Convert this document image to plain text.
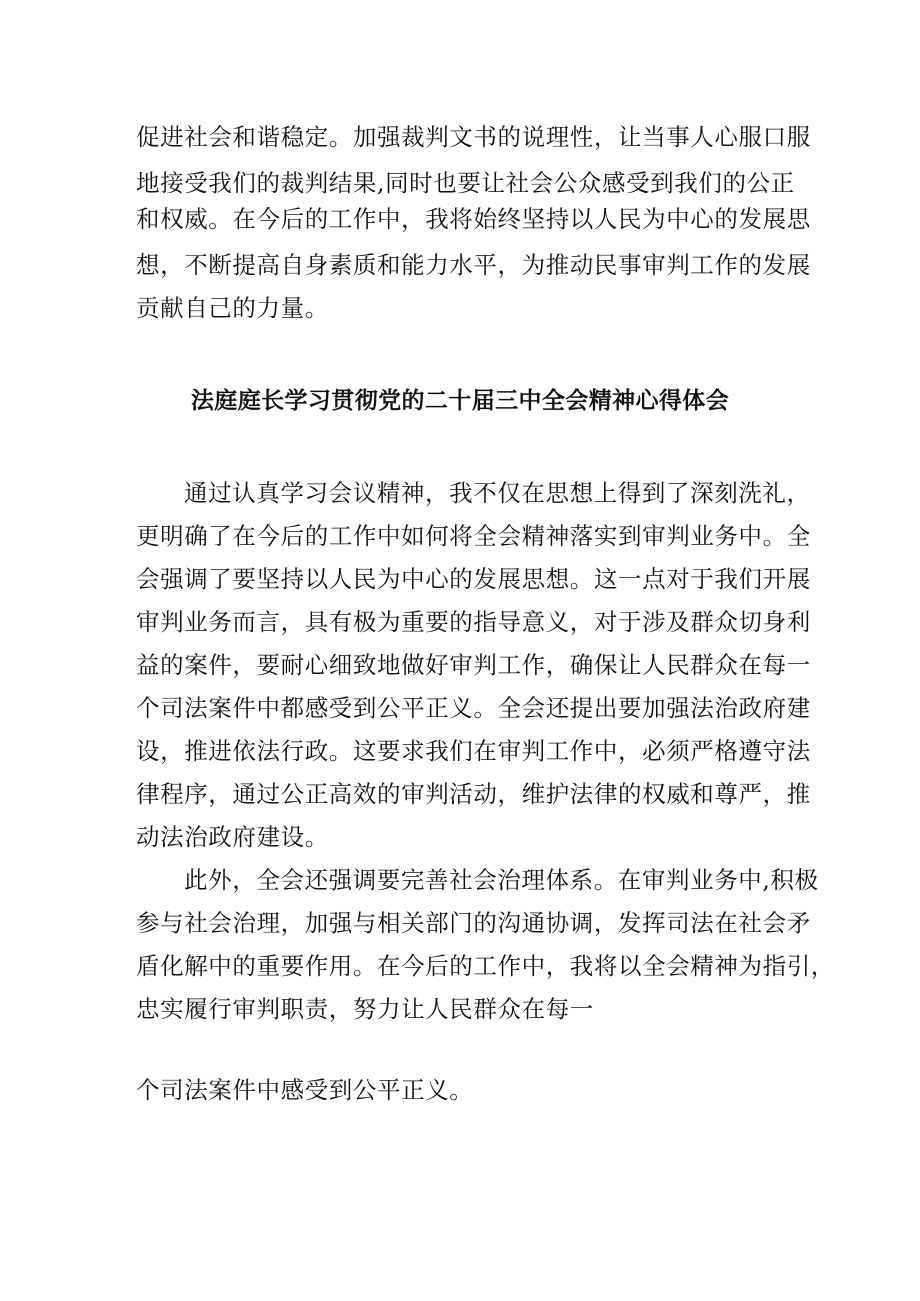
促进社会和谐稳定。加强裁判文书的说理性，让当事人心服口服
地接受我们的裁判结果,同时也要让社会公众感受到我们的公正
和权威。在今后的工作中，我将始终坚持以人民为中心的发展思
想，不断提高自身素质和能力水平，为推动民事审判工作的发展
贡献自己的力量。
法庭庭长学习贯彻党的二十届三中全会精神心得体会
通过认真学习会议精神，我不仅在思想上得到了深刻洗礼，
更明确了在今后的工作中如何将全会精神落实到审判业务中。全
会强调了要坚持以人民为中心的发展思想。这一点对于我们开展
审判业务而言，具有极为重要的指导意义，对于涉及群众切身利
益的案件，要耐心细致地做好审判工作，确保让人民群众在每一
个司法案件中都感受到公平正义。全会还提出要加强法治政府建
设，推进依法行政。这要求我们在审判工作中，必须严格遵守法
律程序，通过公正高效的审判活动，维护法律的权威和尊严，推
动法治政府建设。
此外，全会还强调要完善社会治理体系。在审判业务中,积极
参与社会治理，加强与相关部门的沟通协调，发挥司法在社会矛
盾化解中的重要作用。在今后的工作中，我将以全会精神为指引，
忠实履行审判职责，努力让人民群众在每一
个司法案件中感受到公平正义。
